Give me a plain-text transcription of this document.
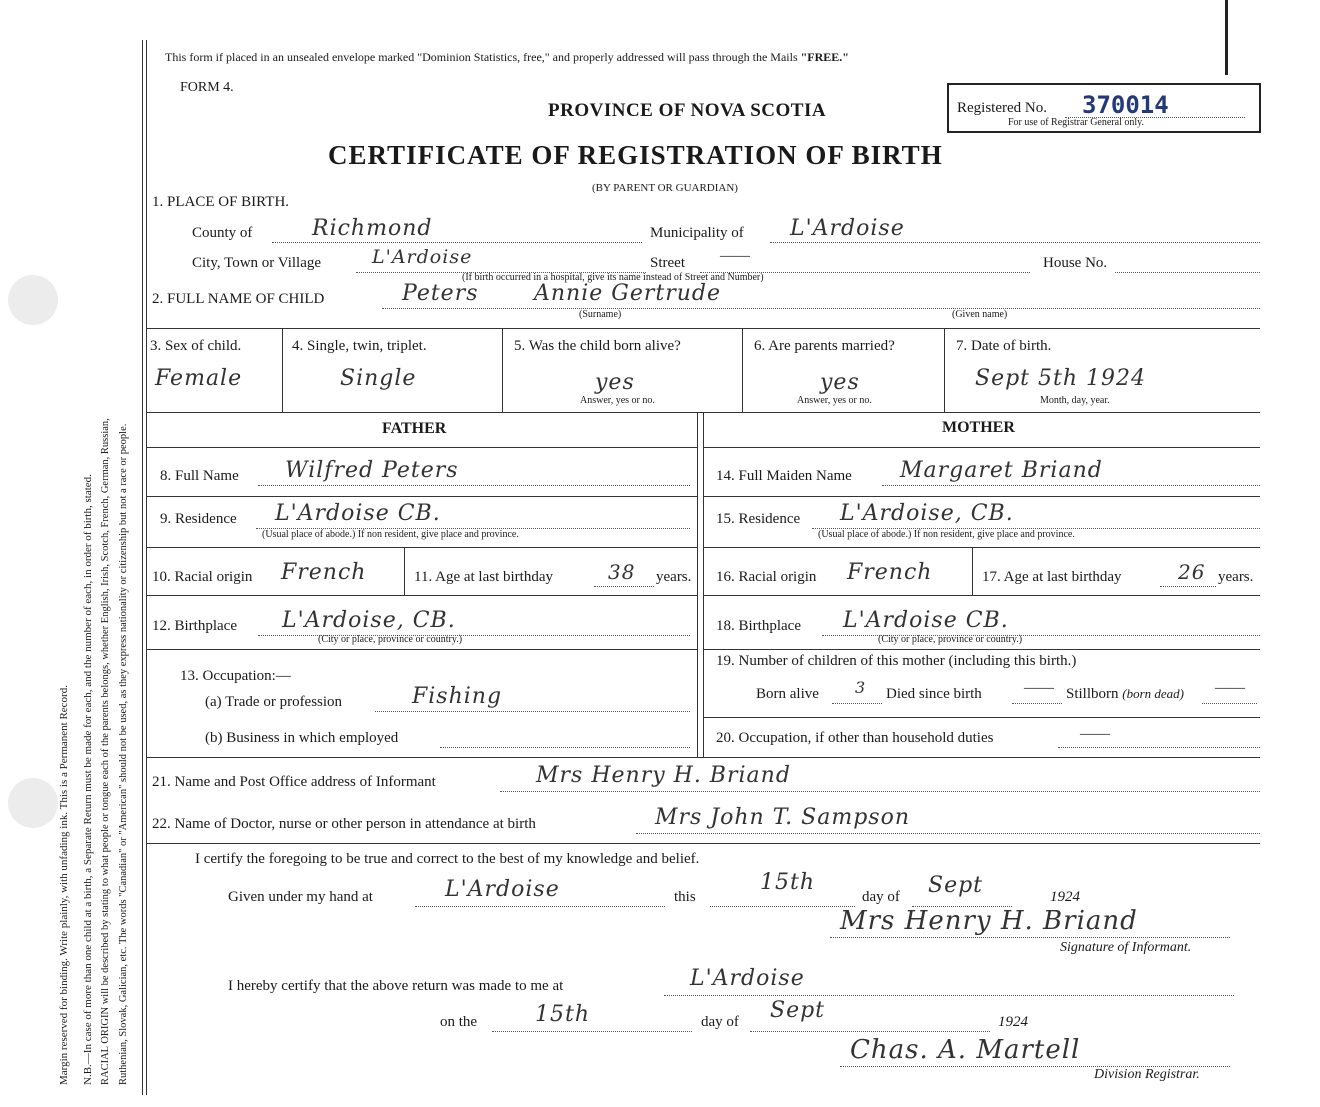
Margin reserved for binding. Write plainly, with unfading ink. This is a Permanent Record. N.B.—In case of more than one child at a birth, a Separate Return must be made for each, and the number of each, in order of birth, stated. RACIAL ORIGIN will be described by stating to what people or tongue each of the parents belongs, whether English, Irish, Scotch, French, German, Russian, Ruthenian, Slovak, Galician, etc. The words "Canadian" or "American" should not be used, as they express nationality or citizenship but not a race or people.
This form if placed in an unsealed envelope marked "Dominion Statistics, free," and properly addressed will pass through the Mails "FREE."
FORM 4.
PROVINCE OF NOVA SCOTIA	Registered No. 370014
For use of Registrar General only.
CERTIFICATE OF REGISTRATION OF BIRTH
(BY PARENT OR GUARDIAN)
1. PLACE OF BIRTH.
County of	Richmond	Municipality of L'Ardoise
City, Town or Village	L'Ardoise	Street ——	House No.
(If birth occurred in a hospital, give its name instead of Street and Number)
2. FULL NAME OF CHILD	Peters	Annie Gertrude
(Surname)	(Given name)
3. Sex of child.
Female
4. Single, twin, triplet.
Single
5. Was the child born alive?
yes
Answer, yes or no.
6. Are parents married?
yes
Answer, yes or no.
7. Date of birth.
Sept 5th 1924
Month, day, year.
FATHER	MOTHER
8. Full Name Wilfred Peters	14. Full Maiden Name Margaret Briand
9. Residence L'Ardoise CB.
(Usual place of abode.) If non resident, give place and province.
15. Residence L'Ardoise, CB.
(Usual place of abode.) If non resident, give place and province.
10. Racial origin French	11. Age at last birthday	38 years. 16. Racial origin French	17. Age at last birthday	26 years.
12. Birthplace L'Ardoise, CB.
(City or place, province or country.)
18. Birthplace L'Ardoise CB.
(City or place, province or country.)
13. Occupation:—
(a) Trade or profession	Fishing
(b) Business in which employed
19. Number of children of this mother (including this birth.)
Born alive 3 Died since birth	—— Stillborn (born dead) ——
20. Occupation, if other than household duties	——
21. Name and Post Office address of Informant	Mrs Henry H. Briand
22. Name of Doctor, nurse or other person in attendance at birth	Mrs John T. Sampson
I certify the foregoing to be true and correct to the best of my knowledge and belief.
Given under my hand at	L'Ardoise	this
15th
day of Sept	1924
Mrs Henry H. Briand
Signature of Informant.
I hereby certify that the above return was made to me at	L'Ardoise
on the	15th	day of Sept	1924
Chas. A. Martell
Division Registrar.
